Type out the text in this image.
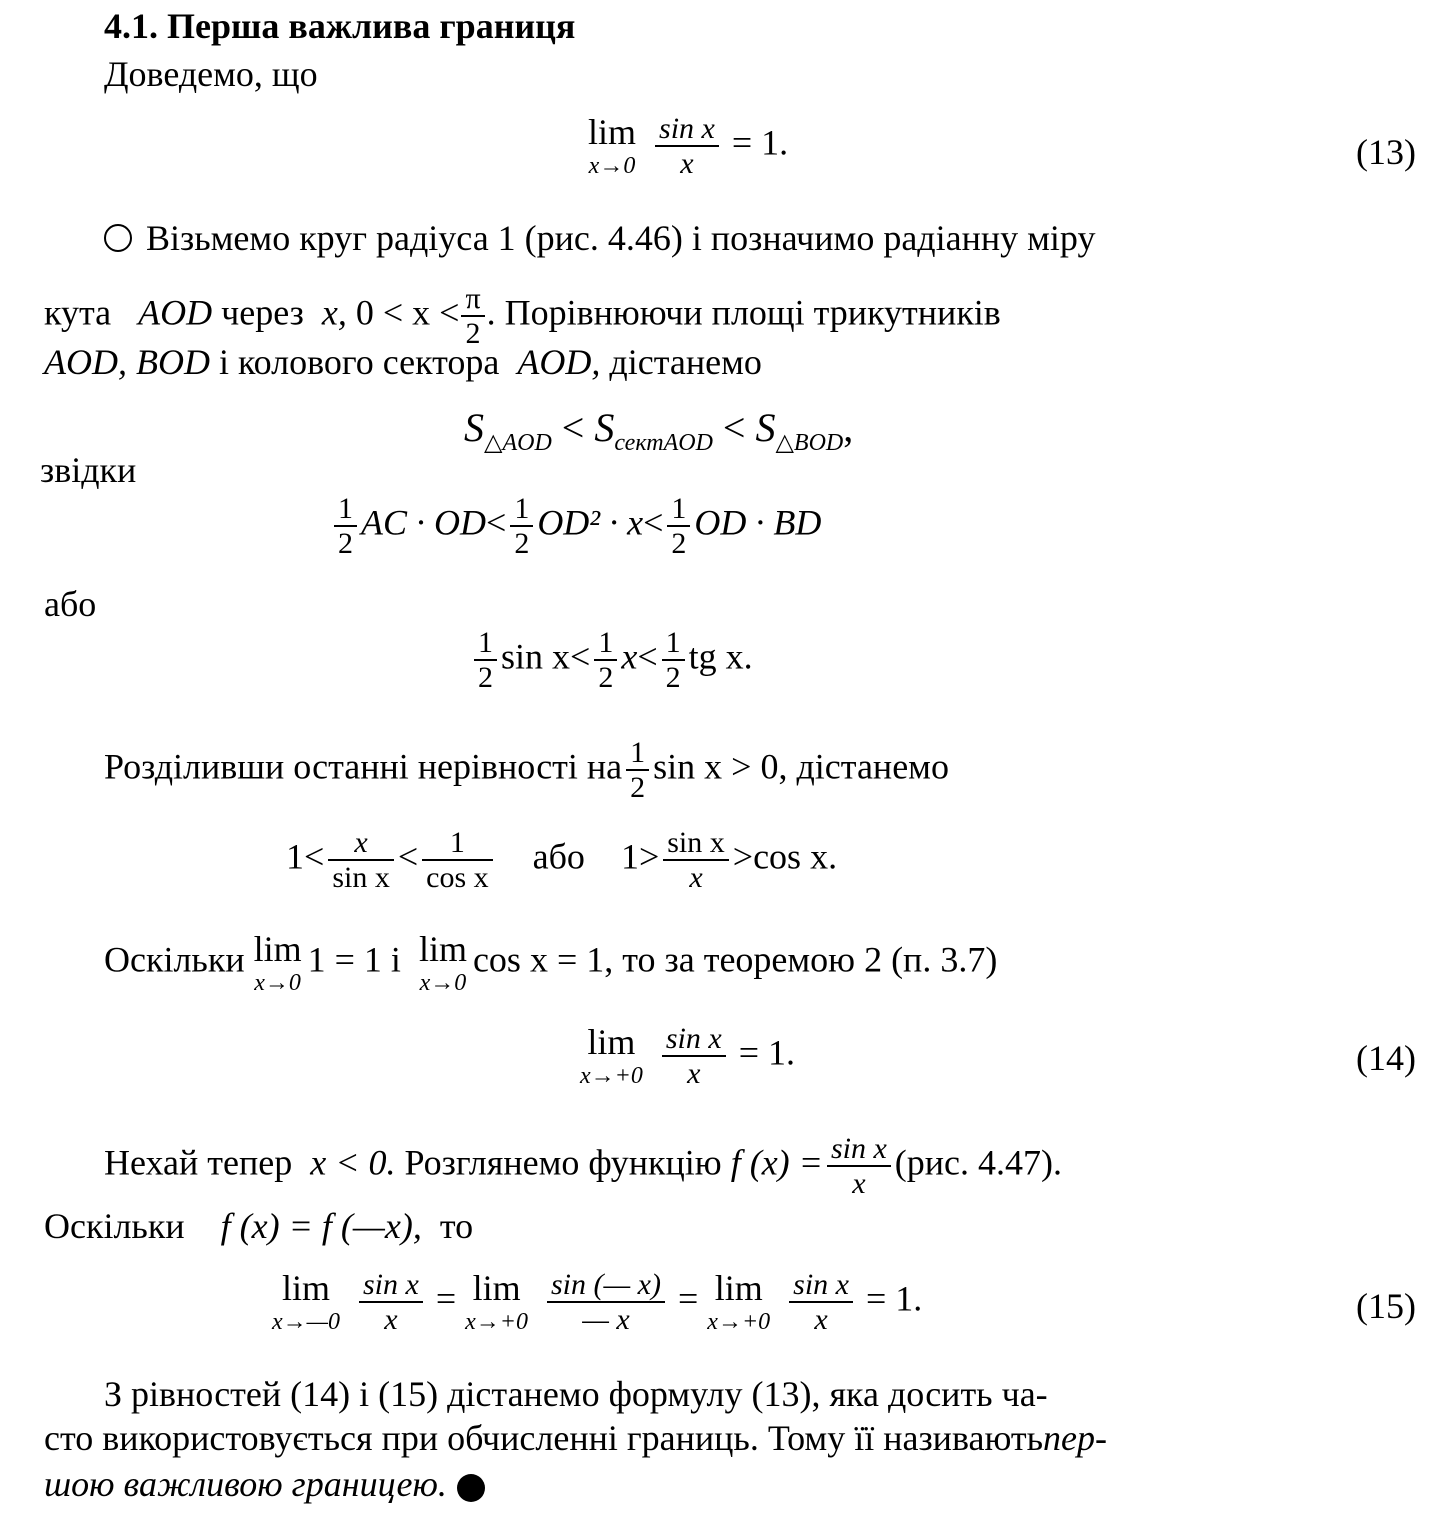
4.1. Перша важлива границя
Доведемо, що
lim
x→0
$\frac{\text{sin x}}{x} = 1$.	(13)
Візьмемо круг радіуса 1 (рис. 4.46) і позначимо радіанну міру
кута AOD через x, $0 < x < \frac{\pi}{2}$ . Порівнюючи площі трикутників
AOD, BOD і колового сектора AOD, дістанемо
$S_{\triangle AOD} < S_{сектAOD} < S_{\triangle BOD}$,
звідки
$\frac{1}{2}$ AC · $OD< \frac{1}{2} OD^2 \cdot x< \frac{1}{2}$ OD · BD
або
$\frac{1}{2}$ $\sin x< \frac{1}{2} x< \frac{1}{2}$ tg x.
Розділивши останні нерівності на $\frac{1}{2}$ sin x > 0, дістанемо
$1< \frac{x}{\text{sin x}} < \frac{1}{\text{cos x}}$ або $1> \frac{\text{sin x}}{x} >\cos$ x.
Оскільки lim
x→0
1 = 1 і lim
x→0
cos x = 1, то за теоремою 2 (п. 3.7)
lim
x→+0
$\frac{\text{sin x}}{x} = 1$.	(14)
Нехай тепер x < 0. Розглянемо функцію f $(x) = \frac{\text{sin x}}{x} (рис$. 4.47).
Оскільки f (x) = f (—x), то
lim
x→—0
$\frac{\text{sin x}}{x} = \lim$
x→+0
$\frac{\sin (— x)}{— x} = \lim$
x→+0
$\frac{\text{sin x}}{x} = 1$.	(15)
З рівностей (14) і (15) дістанемо формулу (13), яка досить ча-
сто використовується при обчисленні границь. Тому її називаютьпер-
шою важливою границею.
